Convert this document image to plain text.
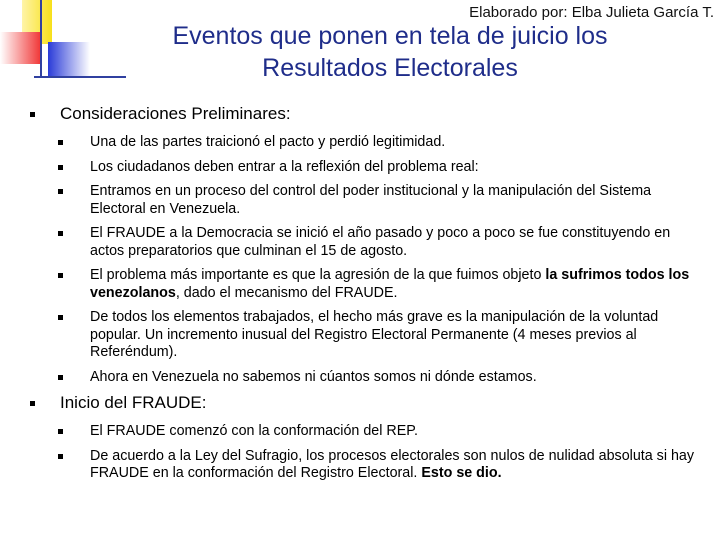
Elaborado por: Elba Julieta García T.
Eventos que ponen en tela de juicio los
Resultados Electorales
Consideraciones Preliminares:
Una de las partes traicionó el pacto y perdió legitimidad.
Los ciudadanos deben entrar a la reflexión del problema real:
Entramos en un proceso del control del poder institucional y la manipulación del Sistema Electoral en Venezuela.
El FRAUDE a la Democracia se inició el año pasado y poco a poco se fue constituyendo en actos preparatorios que culminan el 15 de agosto.
El problema más importante es que la agresión de la que fuimos objeto la sufrimos todos los venezolanos, dado el mecanismo del FRAUDE.
De todos los elementos trabajados, el hecho más grave es la manipulación de la voluntad popular. Un incremento inusual del Registro Electoral Permanente (4 meses previos al Referéndum).
Ahora en Venezuela no sabemos ni cúantos somos ni dónde estamos.
Inicio del FRAUDE:
El FRAUDE comenzó con la conformación del REP.
De acuerdo a la Ley del Sufragio, los procesos electorales son nulos de nulidad absoluta si hay FRAUDE en la conformación del Registro Electoral. Esto se dio.
